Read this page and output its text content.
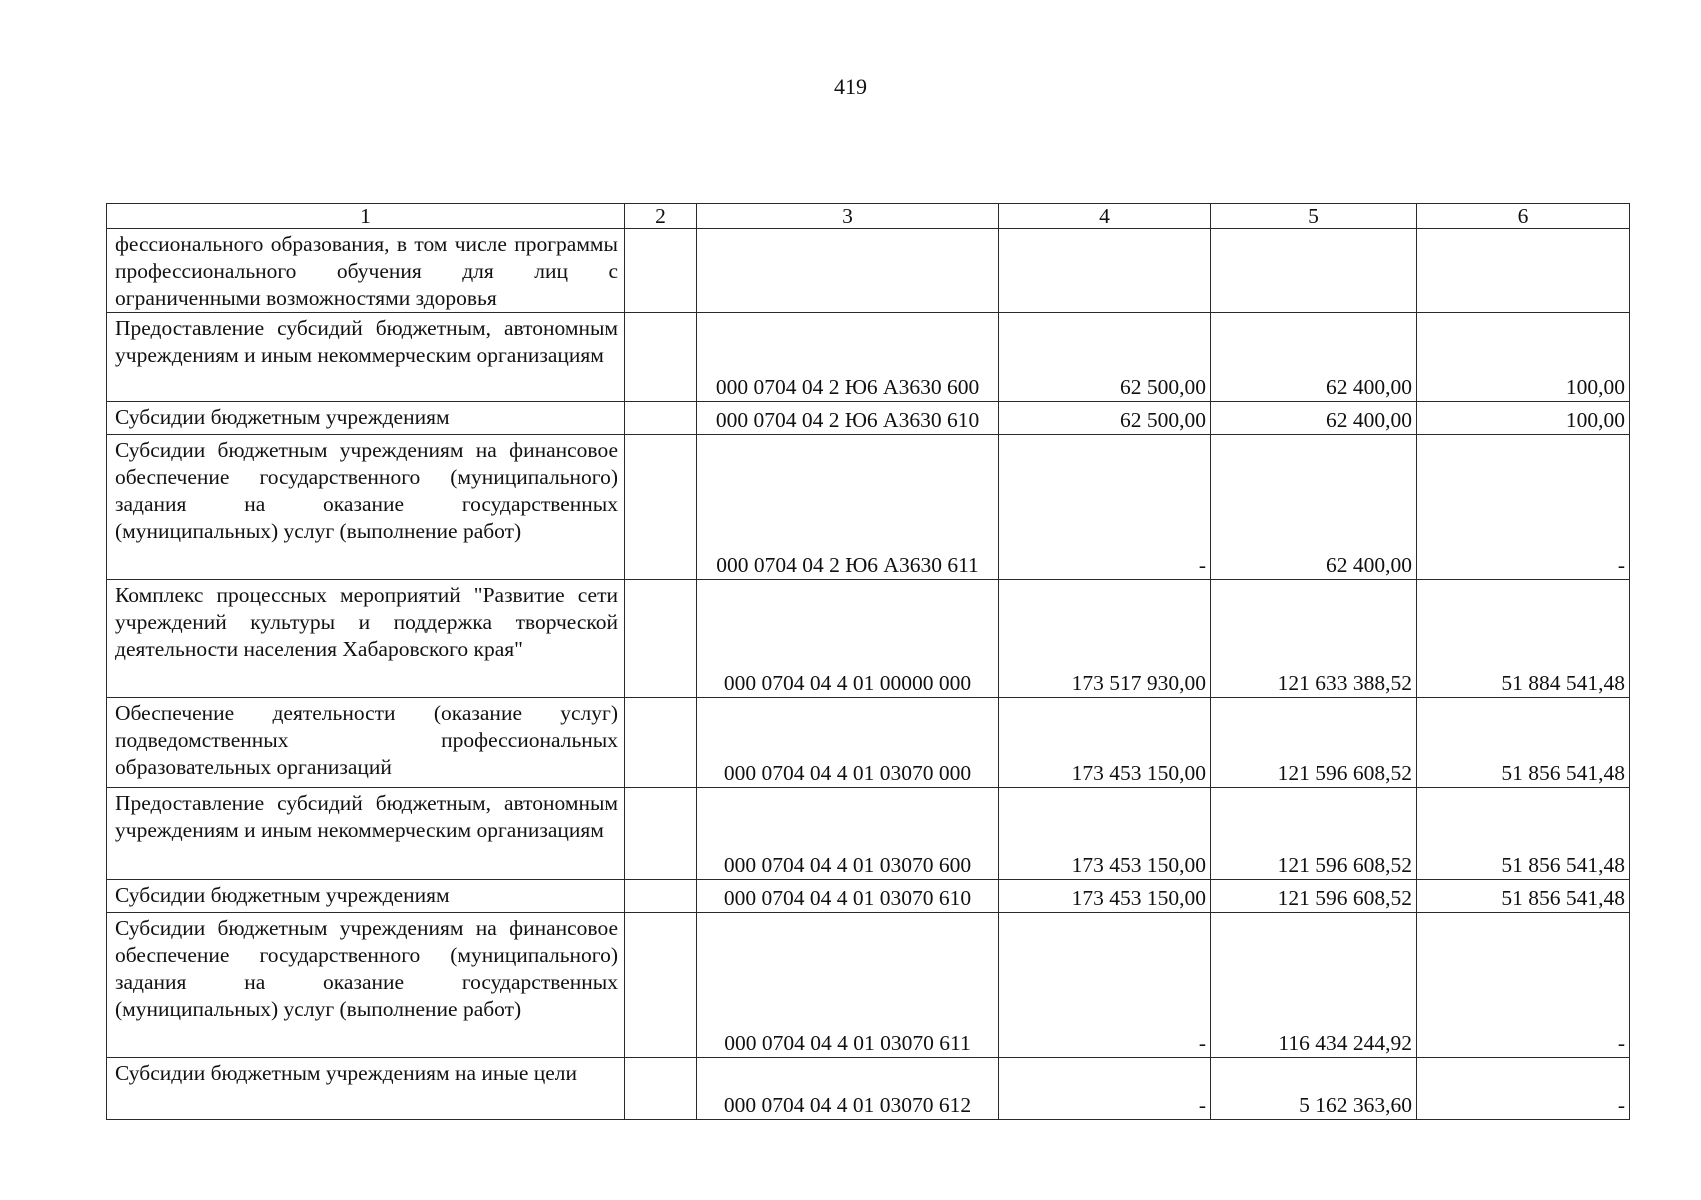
419
1	2	3	4	5	6
фессионального образования, в том числе программы профессионального обучения для лиц с ограниченными возможностями здоровья					
Предоставление субсидий бюджетным, автономным учреждениям и иным некоммерческим организациям		000 0704 04 2 Ю6 А3630 600	62 500,00	62 400,00	100,00
Субсидии бюджетным учреждениям		000 0704 04 2 Ю6 А3630 610	62 500,00	62 400,00	100,00
Субсидии бюджетным учреждениям на финансовое обеспечение государственного (муниципального) задания на оказание государственных (муниципальных) услуг (выполнение работ)		000 0704 04 2 Ю6 А3630 611	-	62 400,00	-
Комплекс процессных мероприятий "Развитие сети учреждений культуры и поддержка творческой деятельности населения Хабаровского края"		000 0704 04 4 01 00000 000	173 517 930,00	121 633 388,52	51 884 541,48
Обеспечение деятельности (оказание услуг) подведомственных профессиональных образовательных организаций		000 0704 04 4 01 03070 000	173 453 150,00	121 596 608,52	51 856 541,48
Предоставление субсидий бюджетным, автономным учреждениям и иным некоммерческим организациям		000 0704 04 4 01 03070 600	173 453 150,00	121 596 608,52	51 856 541,48
Субсидии бюджетным учреждениям		000 0704 04 4 01 03070 610	173 453 150,00	121 596 608,52	51 856 541,48
Субсидии бюджетным учреждениям на финансовое обеспечение государственного (муниципального) задания на оказание государственных (муниципальных) услуг (выполнение работ)		000 0704 04 4 01 03070 611	-	116 434 244,92	-
Субсидии бюджетным учреждениям на иные цели		000 0704 04 4 01 03070 612	-	5 162 363,60	-
